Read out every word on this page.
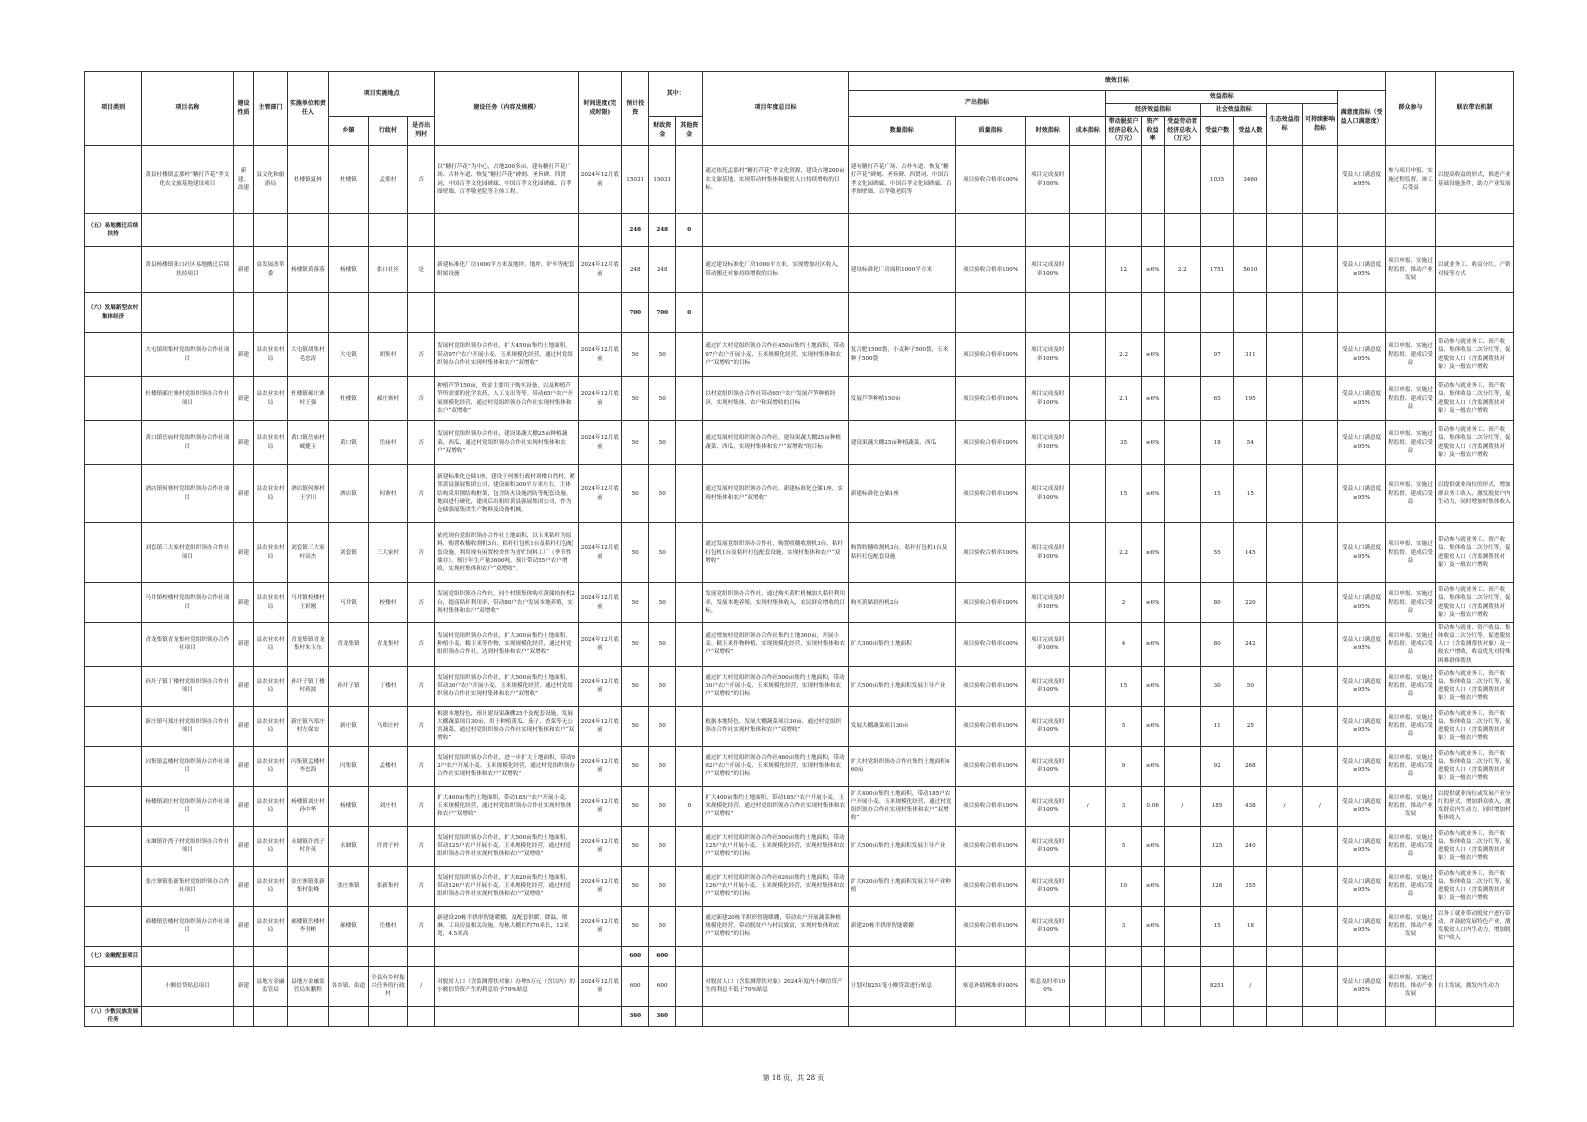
项目类别	项目名称	建设性质	主管部门	实施单位和责任人	项目实施地点			建设任务（内容及规模）	时间进度(完成时限)	预计投资	其中：		项目年度总目标	绩效目标												群众参与	联农带农机制
														产出指标				效益指标							满意度指标（受益人口满意度）		
																		经济效益指标			社会效益指标		生态效益指标	可持续影响指标			
					乡镇	行政村	是否出列村				财政资金	其他资金		数量指标	质量指标	时效指标	成本指标	带动脱贫户经济总收入（万元）	资产收益率	受益劳动者经济总收入（万元）	受益户数	受益人数					
	黄县杜楼镇孟那村“糖打芦花”孝文化农文旅基地建设项目	新建、改建	县文化和旅游局	杜楼镇夏林	杜楼镇	孟那村	否	以“糖打芦花”为中心，占地200多亩，建有糖打芦花广场、古朴车道、恢复“糖打芦花”碑刻、圣旨碑、四贤词、中国百孝文化园碑廊、中国百孝文化园碑廊、百孝图壁墙、百孝敬老院等主体工程。	2024年12月底前	15031	15031		通过依托孟那村“糖打芦花”孝文化资源，建设占地200亩农文旅基地，实现带动村集体和脱贫人口持续增收的目标。	建有糖打芦花广场、古朴车道、恢复“糖打芦花”碑刻、圣旨碑、四贤词、中国百孝文化园碑廊、中国百孝文化园碑廊、百孝图壁墙、百孝敬老院等	项目验收合格率100%	项目完成及时率100%					1035	3460			受益人口满意度≥95%	参与项目申报、实施过程监督、竣工后受益	以提高收益的形式，推进产业基础设施条件，助力产业发展
（五）易地搬迁后续扶持										248	248	0															
	黄县杨楼镇张口社区易地搬迁后续扶持项目	新建	县发展改革委	杨楼镇黄落落	杨楼镇	张口社区	是	新建标准化厂房1000平方米及地坪、地坪、铲车等配套附属设施	2024年12月底前	248	248		通过建设标准化厂房1000平方米，实现增加社区收入，带动搬迁对象持续增收的目标	建设标准化厂房面积1000平方米	项目验收合格率100%	项目完成及时率100%		12	≥6%	2.2	1751	5610			受益人口满意度≥95%	项目申报、实施过程监督、推动产业发展	以就业务工、收益分红、产销对接等方式
（六）发展新型农村集体经济										700	700	0															
	大屯镇胡集村党组织领办合作社项目	新建	县农业农村局	大屯镇胡集村毛忠涛	大屯镇	胡集村	否	发展村党组织领办合作社，扩大450亩集约土地面积，带动97户农户开展小麦、玉米规模化经营，通过村党组织领办合作社实现村集体和农户“双增收”	2024年12月底前	50	50		通过扩大村党组织领办合作社450亩集约土地面积，带动97户农户开展小麦、玉米规模化经营，实现村集体和农户“双增收”的目标	复合肥1500袋，小麦种子500袋，玉米种子500袋	项目验收合格率100%	项目完成及时率100%		2.2	≥6%		97	311			受益人口满意度≥95%	项目申报、实施过程监督、建成后受益	带动参与就业务工、资产收益、集体收益二次分红等，促进脱贫人口（含监测帮扶对象）及一般农户增收
	杜楼镇郝庄寨村党组织领办合作社项目	新建	县农业农村局	杜楼镇郝庄寨村王强	杜楼镇	郝庄寨村	否	种植芦笋150亩，资金主要用于购买设备，以及种植芦笋所需要的化学农药、人工支出等等。带动65户农户开展规模化经营，通过村党组织领办合作社实现村集体和农户“双增收”	2024年12月底前	50	50		以村党组织领办合作社带动65户农户发展芦笋种植经济，实现村集体、农户和双增收的目标	发展芦笋种植150亩	项目验收合格率100%	项目完成及时率100%		2.1	≥6%		65	195			受益人口满意度≥95%	项目申报、实施过程监督、建成后受益	带动参与就业务工、资产收益、集体收益二次分红等，促进脱贫人口（含监测帮扶对象）及一般农户增收
	黄口镇岳庙村党组织领办合作社项目	新建	县农业农村局	黄口镇岳庙村臧健玉	黄口镇	岳庙村	否	发展村党组织领办合作社，建设果蔬大棚25亩种植蔬菜、西瓜，通过村党组织领办合作社实现村集体和农户“双增收”	2024年12月底前	50	50		通过发展村党组织领办合作社，建设果蔬大棚25亩种植蔬菜、西瓜，实现村集体和农户“双增收”的目标	建设果蔬大棚25亩种植蔬菜、西瓜	项目验收合格率100%	项目完成及时率100%		35	≥6%		18	54			受益人口满意度≥95%	项目申报、实施过程监督、建成后受益	带动参与就业务工、资产收益、集体收益二次分红等，促进脱贫人口（含监测帮扶对象）及一般农户增收
	酒店镇何寨村党组织领办合作社项目	新建	县农业农村局	酒店镇何寨村王学川	酒店镇	何寨村	否	新建标准化仓储1座，建设于何寨行政村刘楼自然村，紧邻黄县强展集团公司，建设面积300平方米左右，主体结构采用钢结构框架，包含防火设施消防等配套设施。地面进行硬化，建成后出租给黄县强展集团公司，作为仓储强展集团生产物料及设备机械。	2024年12月底前	50	50		通过发展村党组织领办合作社，新建标准化仓储1座，实现村集体和农户“双增收”	新建标准化仓储1座	项目验收合格率100%	项目完成及时率100%		15	≥6%		15	15			受益人口满意度≥95%	项目申报、实施过程监督、建成后受益	以提供就业岗位的形式，增加群众务工收入，激发脱贫户内生动力，同时增加村集体收入
	刘套镇三大家村党组织领办合作社项目	新建	县农业农村局	刘套镇三大家村高杰	刘套镇	三大家村	否	依托现有党组织领办合作社土地面积，以玉米秸秆为原料，购置收穗收割机3台，秸秆打包机1台及秸秆打包配套设施。利用现有闲置校舍作为青贮饲料工厂（季节性储存），预计年生产量3600吨，预计带动55户农户增收，实现村集体和农户“双增收”。	2024年12月底前	50	50		通过发展党组织领办合作社，购置收穗收割机3台，秸秆打包机1台及秸秆打包配套设施，实现村集体和农户“双增收”	购置收穗收割机3台，秸秆打包机1台及秸秆打包配套设施	项目验收合格率100%	项目完成及时率100%		2.2	≥6%		55	145			受益人口满意度≥95%	项目申报、实施过程监督、建成后受益	带动参与就业务工、资产收益、集体收益二次分红等，促进脱贫人口（含监测帮扶对象）及一般农户增收
	马井镇校楼村党组织领办合作社项目	新建	县农业农村局	马井镇校楼村王彩刚	马井镇	校楼村	否	发展党组织领办合作社，同个村镇集体购买黄储拾扮机2台，提高秸秆利用率，带动80户农户发展本地养殖，实现村集体和农户“双增收”	2024年12月底前	50	50		发展党组织领办合作社，通过购买黄贮机械加大秸秆利用率，发展本地养殖，实现村集体收入，农民群众增收的目标。	购买黄储拾扮机2台	项目验收合格率100%	项目完成及时率100%		2	≥6%		80	220			受益人口满意度≥95%	项目申报、实施过程监督、建成后受益	带动参与就业务工、资产收益、集体收益二次分红等，促进脱贫人口（含监测帮扶对象）及一般农户增收
	青龙集镇青龙集村党组织领办合作社项目	新建	县农业农村局	青龙集镇青龙集村朱玉东	青龙集镇	青龙集村	否	发展村党组织领办合作社，扩大300亩集约土地面积，种植小麦、糯玉米等作物，实现规模化经营，通过村党组织领办合作社，达到村集体和农户“双增收”	2024年12月底前	50	50		通过增加村党组织领办合作社集约土地300亩，开展小麦、糯玉米作物种植，实现规模化经营，实现村集体和农户“双增收”	扩大300亩集约土地面积	项目验收合格率100%	项目完成及时率100%		4	≥6%		80	242			受益人口满意度≥95%	项目申报、实施过程监督、建成后受益	带动参与就业、资产收益、集体收益二次分红等，促进脱贫人口（含监测帮扶对象）及一般农户增收，收益优先对特殊困难群体帮扶
	孙圩子镇丁楼村党组织领办合作社项目	新建	县农业农村局	孙圩子镇丁楼村蒋波	孙圩子镇	丁楼村	否	发展村党组织领办合作社，扩大500亩集约土地面积，带动30户农户开展小麦、玉米规模化经营，通过村党组织领办合作社实现村集体和农户“双增收”	2024年12月底前	50	50		通过扩大村党组织领办合作社500亩集约土地面积，带动30户农户开展小麦、玉米规模化经营，实现村集体和农户“双增收”的目标	扩大500亩集约土地面积发展主导产业	项目验收合格率100%	项目完成及时率100%		15	≥6%		30	50			受益人口满意度≥95%	项目申报、实施过程监督、建成后受益	带动参与就业务工、资产收益、集体收益二次分红等，促进脱贫人口（含监测帮扶对象）及一般农户增收
	新庄镇马郑庄村党组织领办合作社项目	新建	县农业农村局	新庄镇马郑庄村左保安	新庄镇	马郑庄村	否	根据本地特色，预计建设果蔬棚25个及配套设施，发展大棚蔬菜项目30亩，用于种植黄瓜、茄子、香菜等无公害蔬菜，通过村党组织领办合作社实现村集体和农户“双增收”	2024年12月底前	50	50		根据本地特色，发展大棚蔬菜项目30亩，通过村党组织领办合作社实现村集体和农户“双增收”	发展大棚蔬菜项目30亩	项目验收合格率100%	项目完成及时率100%		5	≥6%		11	25			受益人口满意度≥95%	项目申报、实施过程监督、建成后受益	带动参与就业务工、资产收益、集体收益二次分红等，促进脱贫人口（含监测帮扶对象）及一般农户增收
	闪集镇孟楼村党组织领办合作社项目	新建	县农业农村局	闪集镇孟楼村李忠海	闪集镇	孟楼村	否	发展村党组织领办合作社，进一步扩大土地面积，带动92户农户开展小麦、玉米规模化经营，通过村党组织领办合作社实现村集体和农户“双增收”	2024年12月底前	50	50		通过扩大村党组织领办合作社460亩集约土地面积，带动92户农户开展小麦、玉米规模化经营，实现村集体和农户“双增收”的目标	扩大村党组织领办合作社集约土地面积460亩	项目验收合格率100%	项目完成及时率100%		9	≥6%		92	268			受益人口满意度≥95%	项目申报、实施过程监督、建成后受益	带动参与就业务工、资产收益、集体收益二次分红等，促进脱贫人口（含监测帮扶对象）及一般农户增收
	杨楼镇刘庄村党组织领办合作社项目	新建	县农业农村局	杨楼镇刘庄村孙中华	杨楼镇	刘庄村	否	扩大400亩集约土地面积，带动185户农户开展小麦、玉米规模化经营，通过村党组织领办合作社实现村集体和农户“双增收”	2024年12月底前	50	50	0	扩大400亩集约土地面积，带动185户农户开展小麦、玉米规模化经营，通过村党组织领办合作社实现村集体和农户“双增收”	扩大400亩集约土地面积，带动185户农户开展小麦、玉米规模化经营，通过村党组织领办合作社实现村集体和农户“双增收”	项目验收合格率100%	项目完成及时率100%	/	3	0.06	/	185	438	/	/	受益人口满意度≥95%	项目申报、实施过程监督、推动产业发展	以提供就业岗位或发展产业分红的形式，增加群众收入，激发群众内生动力，同时增加村集体收入
	永堌镇许湾子村党组织领办合作社项目	新建	县农业农村局	永堌镇许湾子村许英	永堌镇	许湾子村	否	发展村党组织领办合作社，扩大500亩集约土地面积，带动125户农户开展小麦、玉米规模化经营，通过村党组织领办合作社实现村集体和农户“双增收”	2024年12月底前	50	50		通过扩大村党组织领办合作社500亩集约土地面积，带动125户农户开展小麦、玉米规模化经营，实现村集体和农户“双增收”的目标	扩大500亩集约土地面积发展主导产业	项目验收合格率100%	项目完成及时率100%		5	≥6%		125	240			受益人口满意度≥95%	项目申报、实施过程监督、建成后受益	带动参与就业务工、资产收益、集体收益二次分红等，促进脱贫人口（含监测帮扶对象）及一般农户增收
	张庄寨镇张新集村党组织领办合作社项目	新建	县农业农村局	张庄寨镇张新集村张峰	张庄寨镇	张新集村	否	发展村党组织领办合作社，扩大620亩集约土地面积，带动126户农户开展小麦、玉米规模化经营，通过村党组织领办合作社实现村集体和农户“双增收”	2024年12月底前	50	50		通过扩大村党组织领办合作社620亩集约土地面积，带动126户农户开展小麦、玉米规模化经营，实现村集体和农户“双增收”的目标	扩大620亩集约土地面积发展主导产业种植	项目验收合格率100%	项目完成及时率100%		10	≥6%		126	355			受益人口满意度≥95%	项目申报、实施过程监督、建成后受益	带动参与就业务工、资产收益、集体收益二次分红等，促进脱贫人口（含监测帮扶对象）及一般农户增收
	郝楼镇岳楼村党组织领办合作社项目	新建	县农业农村局	郝楼镇岳楼村李书彬	郝楼镇	岳楼村	否	新建设20栋半拱形智能暖棚，及配套供暖、降温、喷淋、工具房及相关设施，每栋大棚长约70米长，12米宽，4.5米高	2024年12月底前	50	50		通过新建20栋半拱形智能暖棚，带动农户开展蔬菜种植规模化经营，带动脱贫户与村民致富，实现村集体和农户“双增收”的目标	新建20栋半拱形智能暖棚	项目验收合格率100%	项目完成及时率100%		3	≥6%		15	18			受益人口满意度≥95%	项目申报、实施过程监督、推动产业发展	以务工就业带动脱贫户进行带动，并鼓励发展特色产业，激发脱贫人口内生动力，增加脱贫户收入
（七）金融配套项目										600	600																
	小额信贷贴息项目	新建	县地方金融监管局	县地方金融监管局朱鹏程	各乡镇、街道	全县有乡村振兴任务的行政村	/	对脱贫人口（含监测帮扶对象）办理5万元（含以内）的小额信贷资产生的利息给予70%贴息	2024年12月底前	600	600		对脱贫人口（含监测帮扶对象）2024年度内小额信贷产生的利息不低于70%贴息	计划对8251笔小额贷款进行贴息	贴息补助精准率100%	贴息及时率100%					8251	/			受益人口满意度≥95%	项目申报、实施过程监督、推动产业发展	自主发展，激发内生动力
（八）少数民族发展任务										360	360																
第 18 页，共 28 页
